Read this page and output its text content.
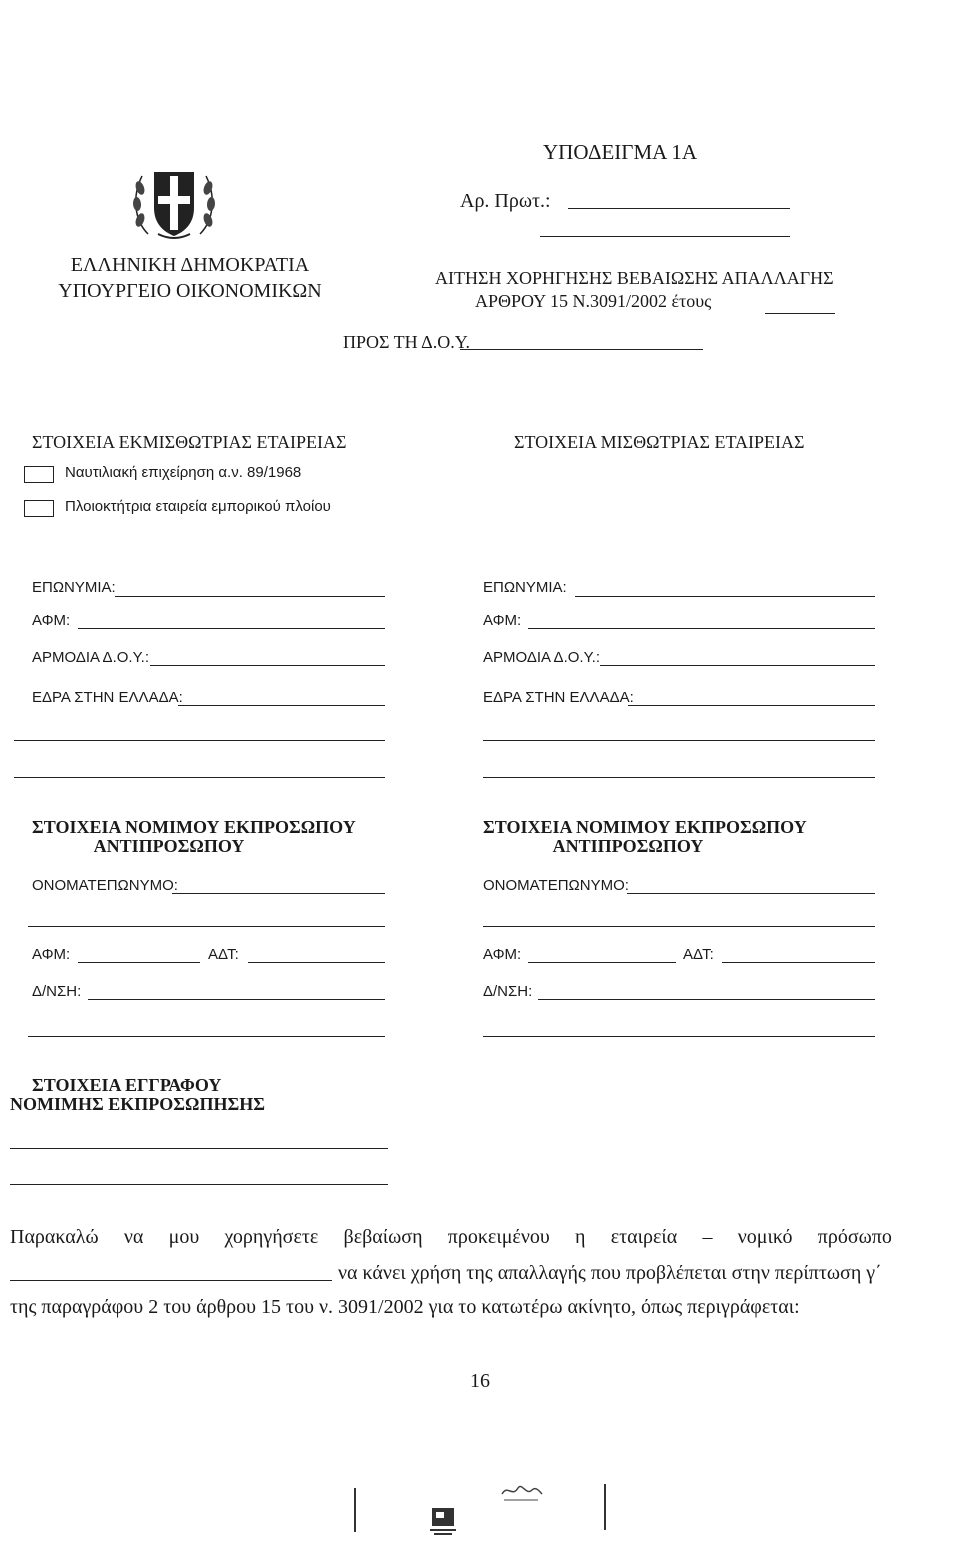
ΥΠΟΔΕΙΓΜΑ 1Α
Αρ. Πρωτ.:
ΕΛΛΗΝΙΚΗ ΔΗΜΟΚΡΑΤΙΑ
ΥΠΟΥΡΓΕΙΟ ΟΙΚΟΝΟΜΙΚΩΝ
ΑΙΤΗΣΗ ΧΟΡΗΓΗΣΗΣ ΒΕΒΑΙΩΣΗΣ ΑΠΑΛΛΑΓΗΣ
ΑΡΘΡΟΥ 15 Ν.3091/2002 έτους
ΠΡΟΣ ΤΗ Δ.Ο.Υ.
ΣΤΟΙΧΕΙΑ ΕΚΜΙΣΘΩΤΡΙΑΣ ΕΤΑΙΡΕΙΑΣ	ΣΤΟΙΧΕΙΑ ΜΙΣΘΩΤΡΙΑΣ ΕΤΑΙΡΕΙΑΣ
Ναυτιλιακή επιχείρηση α.ν. 89/1968
Πλοιοκτήτρια εταιρεία εμπορικού πλοίου
ΕΠΩΝΥΜΙΑ:
ΑΦΜ:
ΑΡΜΟΔΙΑ Δ.Ο.Υ.:
ΕΔΡΑ ΣΤΗΝ ΕΛΛΑΔΑ:
ΕΠΩΝΥΜΙΑ:
ΑΦΜ:
ΑΡΜΟΔΙΑ Δ.Ο.Υ.:
ΕΔΡΑ ΣΤΗΝ ΕΛΛΑΔΑ:
ΣΤΟΙΧΕΙΑ ΝΟΜΙΜΟΥ ΕΚΠΡΟΣΩΠΟΥ
ΑΝΤΙΠΡΟΣΩΠΟΥ
ΣΤΟΙΧΕΙΑ ΝΟΜΙΜΟΥ ΕΚΠΡΟΣΩΠΟΥ
ΑΝΤΙΠΡΟΣΩΠΟΥ
ΟΝΟΜΑΤΕΠΩΝΥΜΟ:
ΑΦΜ:	ΑΔΤ:
Δ/ΝΣΗ:
ΟΝΟΜΑΤΕΠΩΝΥΜΟ:
ΑΦΜ:	ΑΔΤ:
Δ/ΝΣΗ:
ΣΤΟΙΧΕΙΑ ΕΓΓΡΑΦΟΥ
ΝΟΜΙΜΗΣ ΕΚΠΡΟΣΩΠΗΣΗΣ
Παρακαλώ να μου χορηγήσετε βεβαίωση προκειμένου η εταιρεία – νομικό πρόσωπο
να κάνει χρήση της απαλλαγής που προβλέπεται στην περίπτωση γ΄
της παραγράφου 2 του άρθρου 15 του ν. 3091/2002 για το κατωτέρω ακίνητο, όπως περιγράφεται:
16
